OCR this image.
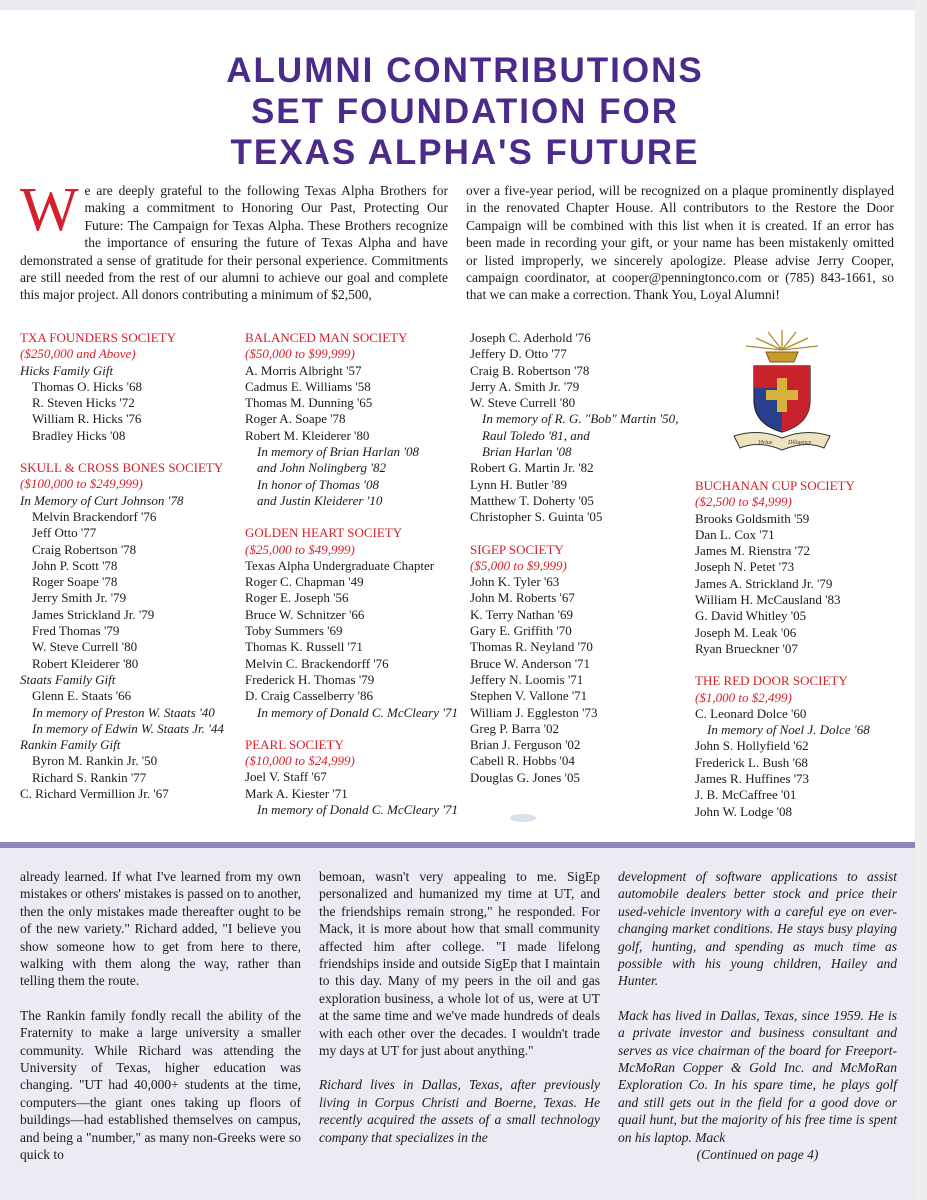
ALUMNI CONTRIBUTIONS
SET FOUNDATION FOR
TEXAS ALPHA'S FUTURE

We are deeply grateful to the following Texas Alpha Brothers for making a commitment to Honoring Our Past, Protecting Our Future: The Campaign for Texas Alpha. These Brothers recognize the importance of ensuring the future of Texas Alpha and have demonstrated a sense of gratitude for their personal experience. Commitments are still needed from the rest of our alumni to achieve our goal and complete this major project. All donors contributing a minimum of $2,500,

over a five-year period, will be recognized on a plaque prominently displayed in the renovated Chapter House. All contributors to the Restore the Door Campaign will be combined with this list when it is created. If an error has been made in recording your gift, or your name has been mistakenly omitted or listed improperly, we sincerely apologize. Please advise Jerry Cooper, campaign coordinator, at cooper@penningtonco.com or (785) 843-1661, so that we can make a correction. Thank You, Loyal Alumni!

TXA FOUNDERS SOCIETY
($250,000 and Above)
Hicks Family Gift
Thomas O. Hicks '68
R. Steven Hicks '72
William R. Hicks '76
Bradley Hicks '08
SKULL & CROSS BONES SOCIETY
($100,000 to $249,999)
In Memory of Curt Johnson '78
Melvin Brackendorf '76
Jeff Otto '77
Craig Robertson '78
John P. Scott '78
Roger Soape '78
Jerry Smith Jr. '79
James Strickland Jr. '79
Fred Thomas '79
W. Steve Currell '80
Robert Kleiderer '80
Staats Family Gift
Glenn E. Staats '66
In memory of Preston W. Staats '40
In memory of Edwin W. Staats Jr. '44
Rankin Family Gift
Byron M. Rankin Jr. '50
Richard S. Rankin '77
C. Richard Vermillion Jr. '67
BALANCED MAN SOCIETY
($50,000 to $99,999)
A. Morris Albright '57
Cadmus E. Williams '58
Thomas M. Dunning '65
Roger A. Soape '78
Robert M. Kleiderer '80
In memory of Brian Harlan '08
and John Nolingberg '82
In honor of Thomas '08
and Justin Kleiderer '10
GOLDEN HEART SOCIETY
($25,000 to $49,999)
Texas Alpha Undergraduate Chapter
Roger C. Chapman '49
Roger E. Joseph '56
Bruce W. Schnitzer '66
Toby Summers '69
Thomas K. Russell '71
Melvin C. Brackendorff '76
Frederick H. Thomas '79
D. Craig Casselberry '86
In memory of Donald C. McCleary '71
PEARL SOCIETY
($10,000 to $24,999)
Joel V. Staff '67
Mark A. Kiester '71
In memory of Donald C. McCleary '71
Joseph C. Aderhold '76
Jeffery D. Otto '77
Craig B. Robertson '78
Jerry A. Smith Jr. '79
W. Steve Currell '80
In memory of R. G. "Bob" Martin '50,
Raul Toledo '81, and
Brian Harlan '08
Robert G. Martin Jr. '82
Lynn H. Butler '89
Matthew T. Doherty '05
Christopher S. Guinta '05
SIGEP SOCIETY
($5,000 to $9,999)
John K. Tyler '63
John M. Roberts '67
K. Terry Nathan '69
Gary E. Griffith '70
Thomas R. Neyland '70
Bruce W. Anderson '71
Jeffery N. Loomis '71
Stephen V. Vallone '71
William J. Eggleston '73
Greg P. Barra '02
Brian J. Ferguson '02
Cabell R. Hobbs '04
Douglas G. Jones '05
BUCHANAN CUP SOCIETY
($2,500 to $4,999)
Brooks Goldsmith '59
Dan L. Cox '71
James M. Rienstra '72
Joseph N. Petet '73
James A. Strickland Jr. '79
William H. McCausland '83
G. David Whitley '05
Joseph M. Leak '06
Ryan Brueckner '07
THE RED DOOR SOCIETY
($1,000 to $2,499)
C. Leonard Dolce '60
In memory of Noel J. Dolce '68
John S. Hollyfield '62
Frederick L. Bush '68
James R. Huffines '73
J. B. McCaffree '01
John W. Lodge '08
Virtue	Diligence

already learned. If what I've learned from my own mistakes or others' mistakes is passed on to another, then the only mistakes made thereafter ought to be of the new variety." Richard added, "I believe you show someone how to get from here to there, walking with them along the way, rather than telling them the route.

The Rankin family fondly recall the ability of the Fraternity to make a large university a smaller community. While Richard was attending the University of Texas, higher education was changing. "UT had 40,000+ students at the time, computers—the giant ones taking up floors of buildings—had established themselves on campus, and being a "number," as many non-Greeks were so quick to

bemoan, wasn't very appealing to me. SigEp personalized and humanized my time at UT, and the friendships remain strong," he responded. For Mack, it is more about how that small community affected him after college. "I made lifelong friendships inside and outside SigEp that I maintain to this day. Many of my peers in the oil and gas exploration business, a whole lot of us, were at UT at the same time and we've made hundreds of deals with each other over the decades. I wouldn't trade my days at UT for just about anything."

Richard lives in Dallas, Texas, after previously living in Corpus Christi and Boerne, Texas. He recently acquired the assets of a small technology company that specializes in the

development of software applications to assist automobile dealers better stock and price their used-vehicle inventory with a careful eye on ever-changing market conditions. He stays busy playing golf, hunting, and spending as much time as possible with his young children, Hailey and Hunter.

Mack has lived in Dallas, Texas, since 1959. He is a private investor and business consultant and serves as vice chairman of the board for Freeport-McMoRan Copper & Gold Inc. and McMoRan Exploration Co. In his spare time, he plays golf and still gets out in the field for a good dove or quail hunt, but the majority of his free time is spent on his laptop. Mack

(Continued on page 4)
